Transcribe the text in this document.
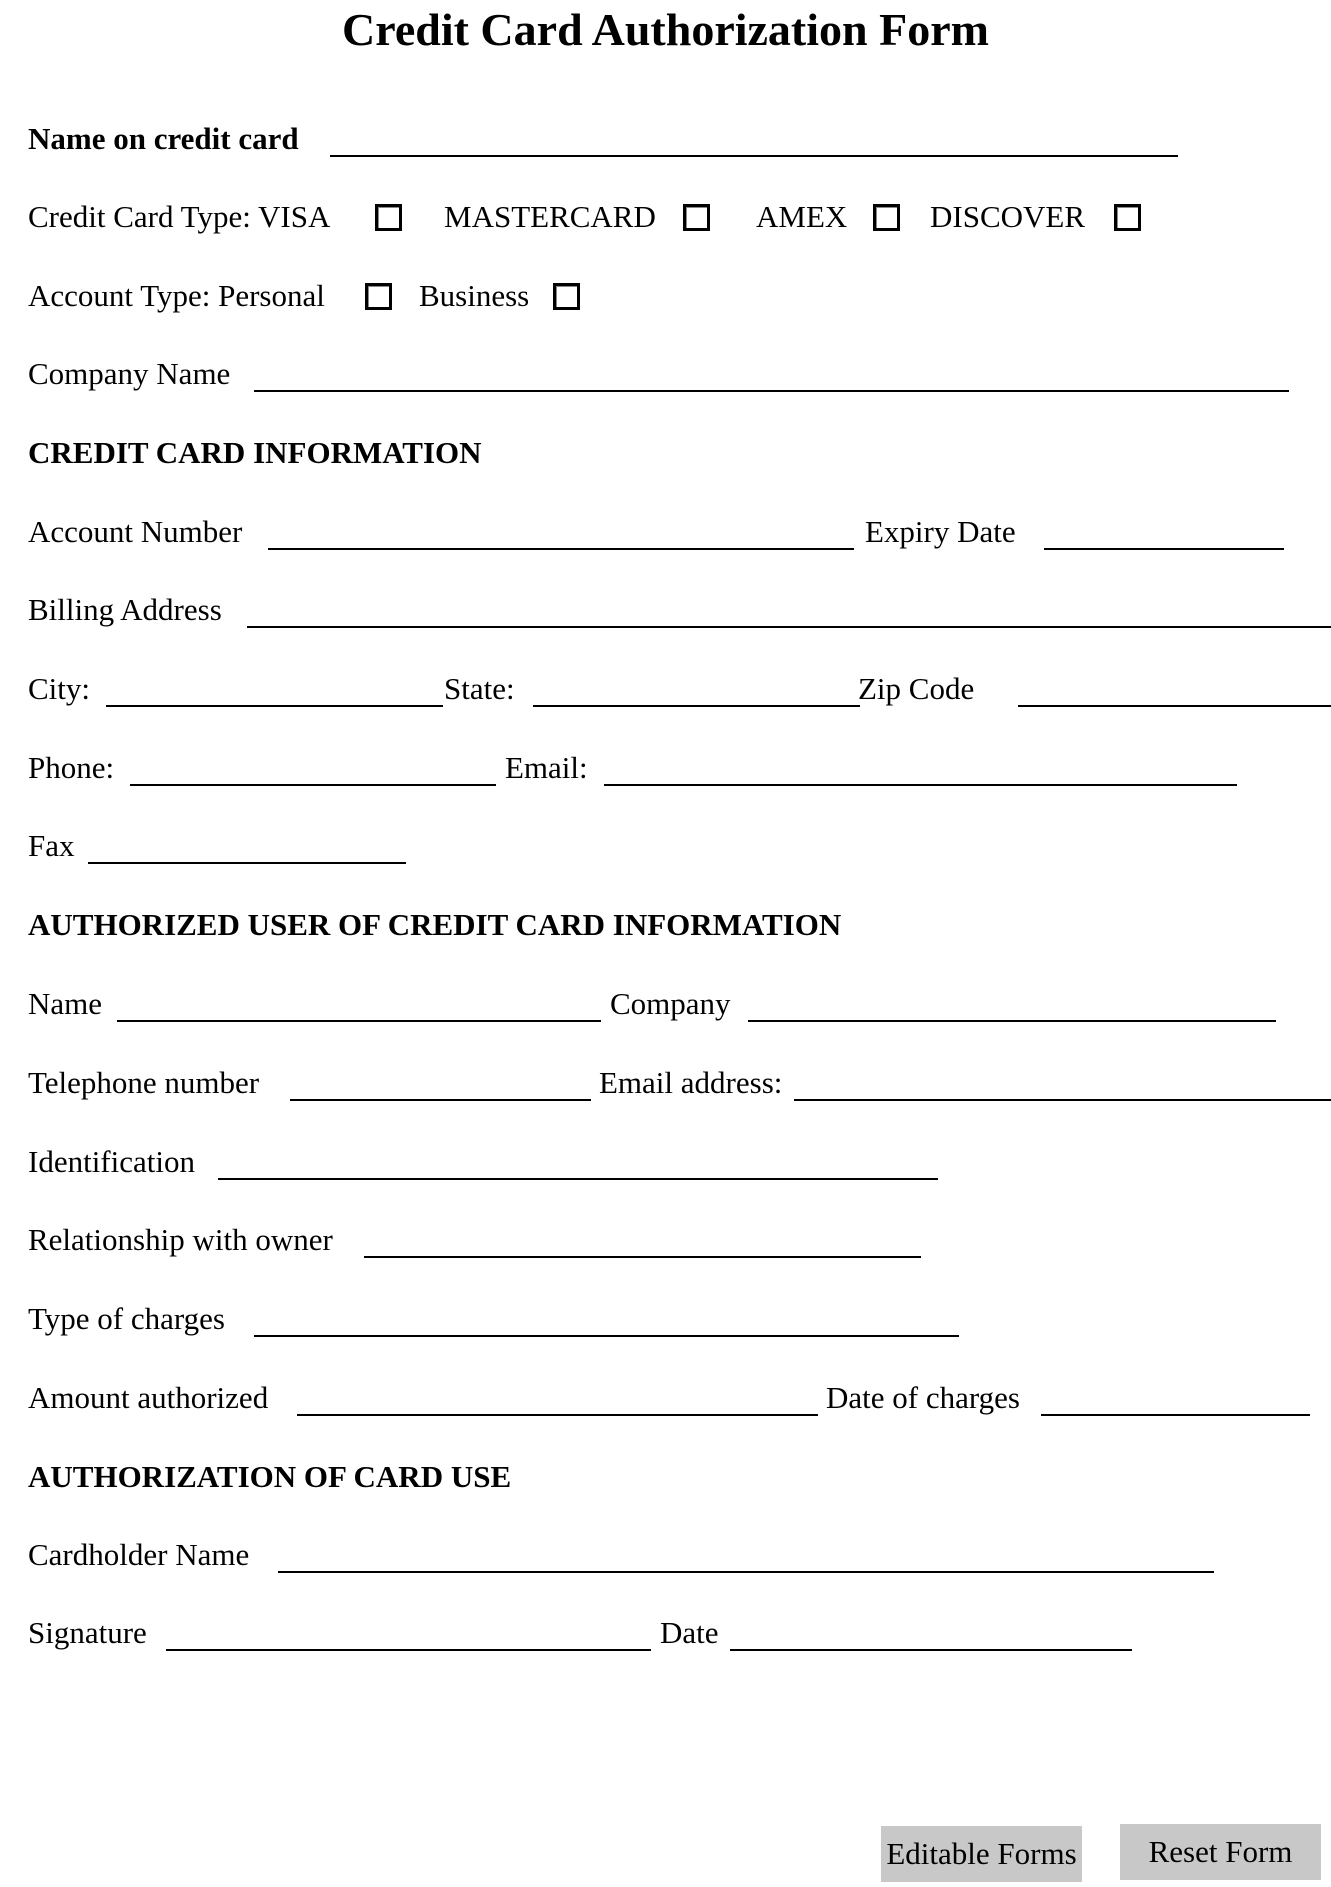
Credit Card Authorization Form
Name on credit card
Credit Card Type: VISA	MASTERCARD	AMEX	DISCOVER
Account Type: Personal	Business
Company Name
CREDIT CARD INFORMATION
Account Number	Expiry Date
Billing Address
City:	State:	Zip Code
Phone:	Email:
Fax
AUTHORIZED USER OF CREDIT CARD INFORMATION
Name	Company
Telephone number	Email address:
Identification
Relationship with owner
Type of charges
Amount authorized	Date of charges
AUTHORIZATION OF CARD USE
Cardholder Name
Signature	Date
Editable Forms	Reset Form
